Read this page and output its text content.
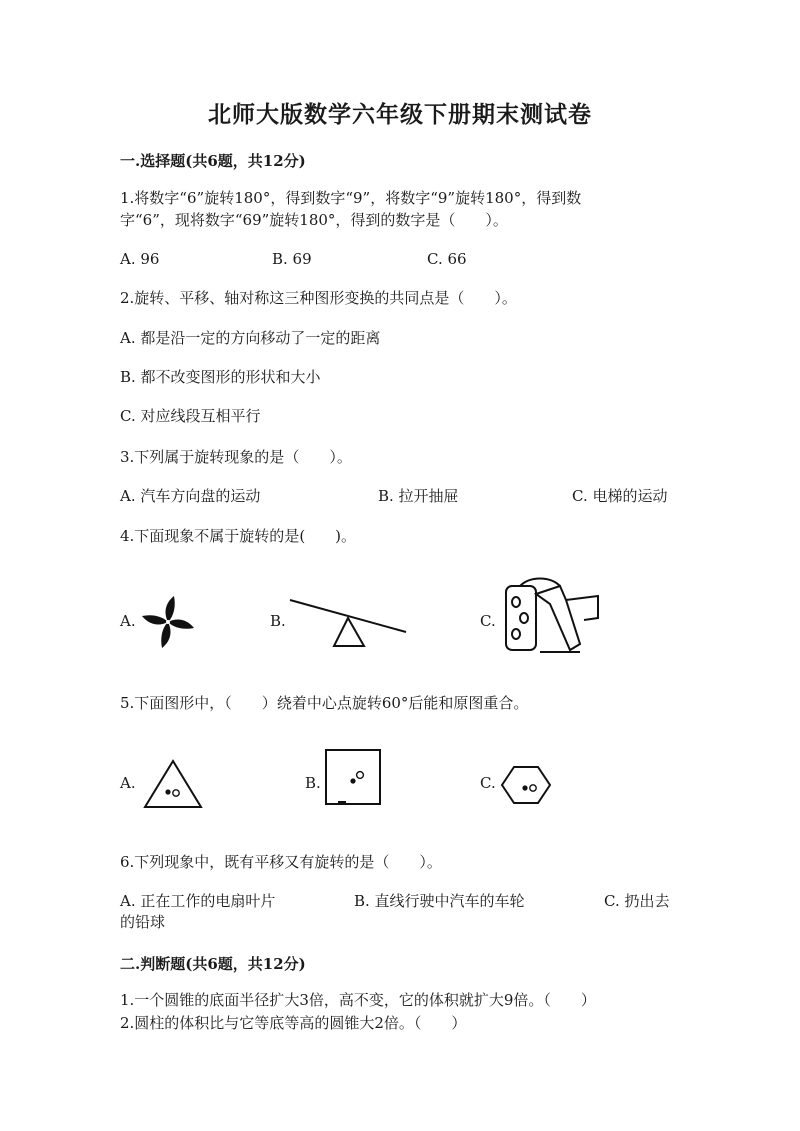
北师大版数学六年级下册期末测试卷
一.选择题(共6题，共12分)
1.将数字“6”旋转180°，得到数字“9”，将数字“9”旋转180°，得到数
字“6”，现将数字“69”旋转180°，得到的数字是（　　）。
A. 96	B. 69	C. 66
2.旋转、平移、轴对称这三种图形变换的共同点是（　　）。
A. 都是沿一定的方向移动了一定的距离
B. 都不改变图形的形状和大小
C. 对应线段互相平行
3.下列属于旋转现象的是（　　）。
A. 汽车方向盘的运动	B. 拉开抽屉	C. 电梯的运动
4.下面现象不属于旋转的是(　　)。
A.	B.	C.
5.下面图形中，（　　）绕着中心点旋转60°后能和原图重合。
A.	B.	C.
6.下列现象中，既有平移又有旋转的是（　　）。
A. 正在工作的电扇叶片	B. 直线行驶中汽车的车轮	C. 扔出去
的铅球
二.判断题(共6题，共12分)
1.一个圆锥的底面半径扩大3倍，高不变，它的体积就扩大9倍。（　　）
2.圆柱的体积比与它等底等高的圆锥大2倍。（　　）
